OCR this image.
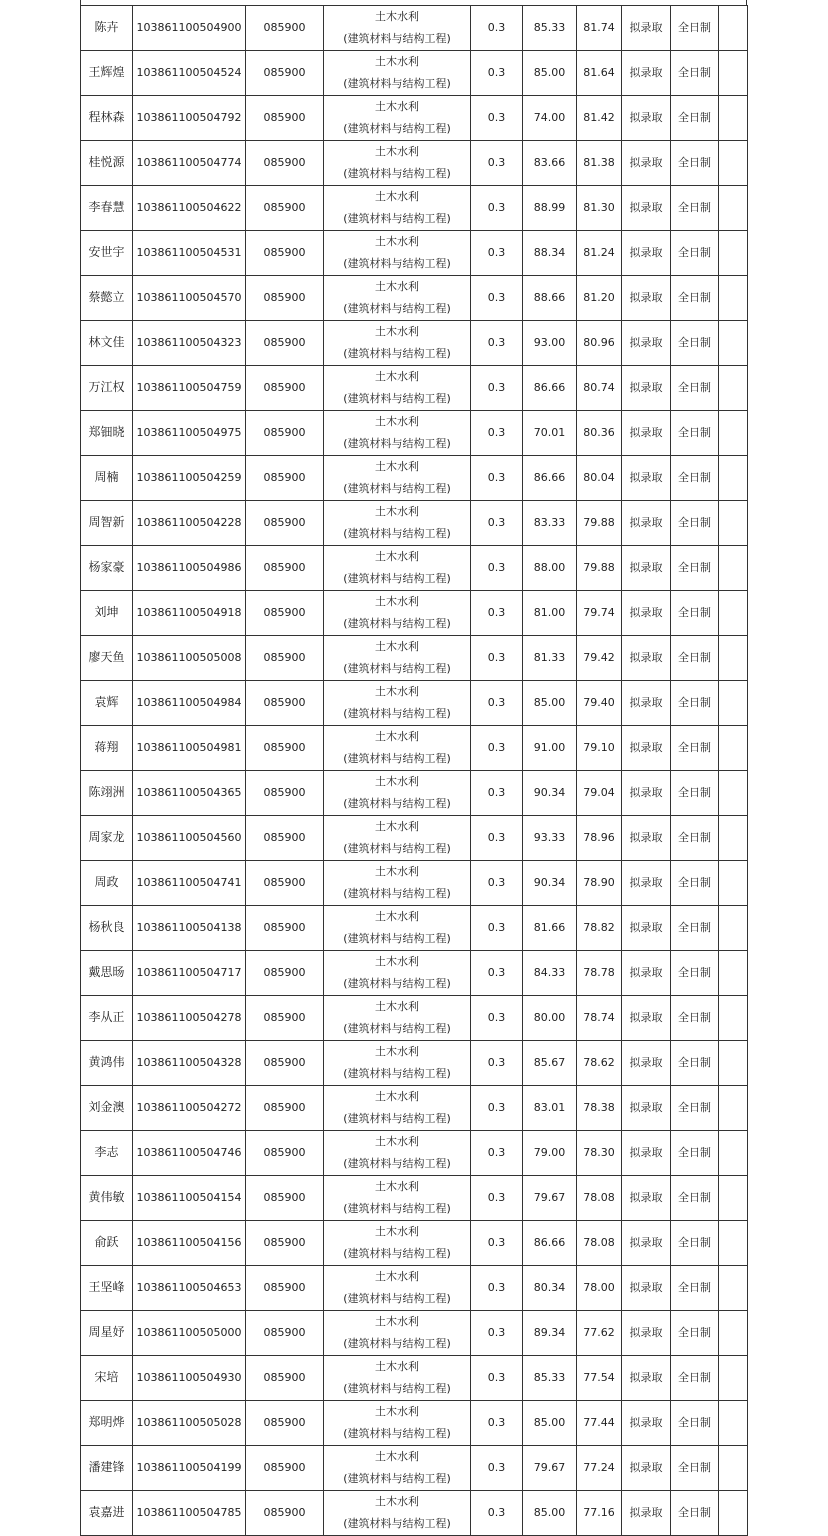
陈卉	103861100504900	085900	土木水利
(建筑材料与结构工程)	0.3	85.33	81.74	拟录取	全日制	
王辉煌	103861100504524	085900	土木水利
(建筑材料与结构工程)	0.3	85.00	81.64	拟录取	全日制	
程林森	103861100504792	085900	土木水利
(建筑材料与结构工程)	0.3	74.00	81.42	拟录取	全日制	
桂悦源	103861100504774	085900	土木水利
(建筑材料与结构工程)	0.3	83.66	81.38	拟录取	全日制	
李春慧	103861100504622	085900	土木水利
(建筑材料与结构工程)	0.3	88.99	81.30	拟录取	全日制	
安世宇	103861100504531	085900	土木水利
(建筑材料与结构工程)	0.3	88.34	81.24	拟录取	全日制	
蔡懿立	103861100504570	085900	土木水利
(建筑材料与结构工程)	0.3	88.66	81.20	拟录取	全日制	
林文佳	103861100504323	085900	土木水利
(建筑材料与结构工程)	0.3	93.00	80.96	拟录取	全日制	
万江权	103861100504759	085900	土木水利
(建筑材料与结构工程)	0.3	86.66	80.74	拟录取	全日制	
郑钿晓	103861100504975	085900	土木水利
(建筑材料与结构工程)	0.3	70.01	80.36	拟录取	全日制	
周楠	103861100504259	085900	土木水利
(建筑材料与结构工程)	0.3	86.66	80.04	拟录取	全日制	
周智新	103861100504228	085900	土木水利
(建筑材料与结构工程)	0.3	83.33	79.88	拟录取	全日制	
杨家豪	103861100504986	085900	土木水利
(建筑材料与结构工程)	0.3	88.00	79.88	拟录取	全日制	
刘坤	103861100504918	085900	土木水利
(建筑材料与结构工程)	0.3	81.00	79.74	拟录取	全日制	
廖天鱼	103861100505008	085900	土木水利
(建筑材料与结构工程)	0.3	81.33	79.42	拟录取	全日制	
袁辉	103861100504984	085900	土木水利
(建筑材料与结构工程)	0.3	85.00	79.40	拟录取	全日制	
蒋翔	103861100504981	085900	土木水利
(建筑材料与结构工程)	0.3	91.00	79.10	拟录取	全日制	
陈翊洲	103861100504365	085900	土木水利
(建筑材料与结构工程)	0.3	90.34	79.04	拟录取	全日制	
周家龙	103861100504560	085900	土木水利
(建筑材料与结构工程)	0.3	93.33	78.96	拟录取	全日制	
周政	103861100504741	085900	土木水利
(建筑材料与结构工程)	0.3	90.34	78.90	拟录取	全日制	
杨秋良	103861100504138	085900	土木水利
(建筑材料与结构工程)	0.3	81.66	78.82	拟录取	全日制	
戴思旸	103861100504717	085900	土木水利
(建筑材料与结构工程)	0.3	84.33	78.78	拟录取	全日制	
李从正	103861100504278	085900	土木水利
(建筑材料与结构工程)	0.3	80.00	78.74	拟录取	全日制	
黄鸿伟	103861100504328	085900	土木水利
(建筑材料与结构工程)	0.3	85.67	78.62	拟录取	全日制	
刘金澳	103861100504272	085900	土木水利
(建筑材料与结构工程)	0.3	83.01	78.38	拟录取	全日制	
李志	103861100504746	085900	土木水利
(建筑材料与结构工程)	0.3	79.00	78.30	拟录取	全日制	
黄伟敏	103861100504154	085900	土木水利
(建筑材料与结构工程)	0.3	79.67	78.08	拟录取	全日制	
俞跃	103861100504156	085900	土木水利
(建筑材料与结构工程)	0.3	86.66	78.08	拟录取	全日制	
王坚峰	103861100504653	085900	土木水利
(建筑材料与结构工程)	0.3	80.34	78.00	拟录取	全日制	
周星妤	103861100505000	085900	土木水利
(建筑材料与结构工程)	0.3	89.34	77.62	拟录取	全日制	
宋培	103861100504930	085900	土木水利
(建筑材料与结构工程)	0.3	85.33	77.54	拟录取	全日制	
郑明烨	103861100505028	085900	土木水利
(建筑材料与结构工程)	0.3	85.00	77.44	拟录取	全日制	
潘建锋	103861100504199	085900	土木水利
(建筑材料与结构工程)	0.3	79.67	77.24	拟录取	全日制	
袁嘉进	103861100504785	085900	土木水利
(建筑材料与结构工程)	0.3	85.00	77.16	拟录取	全日制	
